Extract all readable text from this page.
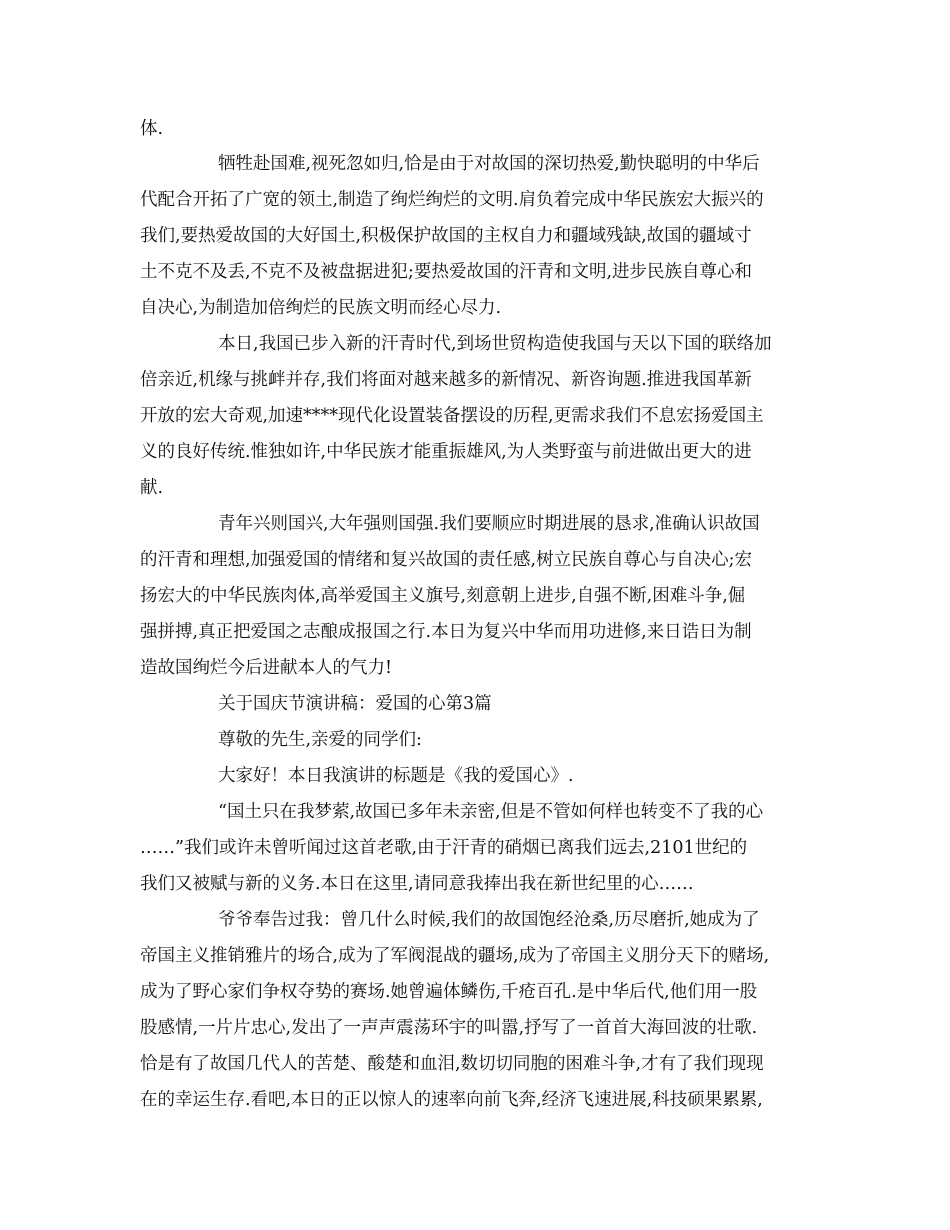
体.
牺牲赴国难,视死忽如归,恰是由于对故国的深切热爱,勤快聪明的中华后
代配合开拓了广宽的领土,制造了绚烂绚烂的文明.肩负着完成中华民族宏大振兴的
我们,要热爱故国的大好国土,积极保护故国的主权自力和疆域残缺,故国的疆域寸
土不克不及丢,不克不及被盘据进犯;要热爱故国的汗青和文明,进步民族自尊心和
自决心,为制造加倍绚烂的民族文明而经心尽力.
本日,我国已步入新的汗青时代,到场世贸构造使我国与天以下国的联络加
倍亲近,机缘与挑衅并存,我们将面对越来越多的新情况、新咨询题.推进我国革新
开放的宏大奇观,加速****现代化设置装备摆设的历程,更需求我们不息宏扬爱国主
义的良好传统.惟独如许,中华民族才能重振雄风,为人类野蛮与前进做出更大的进
献.
青年兴则国兴,大年强则国强.我们要顺应时期进展的恳求,准确认识故国
的汗青和理想,加强爱国的情绪和复兴故国的责任感,树立民族自尊心与自决心;宏
扬宏大的中华民族肉体,高举爱国主义旗号,刻意朝上进步,自强不断,困难斗争,倔
强拼搏,真正把爱国之志酿成报国之行.本日为复兴中华而用功进修,来日诰日为制
造故国绚烂今后进献本人的气力!
关于国庆节演讲稿：爱国的心第3篇
尊敬的先生,亲爱的同学们:
大家好！本日我演讲的标题是《我的爱国心》.
“国土只在我梦萦,故国已多年未亲密,但是不管如何样也转变不了我的心
……”我们或许未曾听闻过这首老歌,由于汗青的硝烟已离我们远去,2101世纪的
我们又被赋与新的义务.本日在这里,请同意我捧出我在新世纪里的心……
爷爷奉告过我：曾几什么时候,我们的故国饱经沧桑,历尽磨折,她成为了
帝国主义推销雅片的场合,成为了军阀混战的疆场,成为了帝国主义朋分天下的赌场,
成为了野心家们争权夺势的赛场.她曾遍体鳞伤,千疮百孔.是中华后代,他们用一股
股感情,一片片忠心,发出了一声声震荡环宇的叫嚣,抒写了一首首大海回波的壮歌.
恰是有了故国几代人的苦楚、酸楚和血泪,数切切同胞的困难斗争,才有了我们现现
在的幸运生存.看吧,本日的正以惊人的速率向前飞奔,经济飞速进展,科技硕果累累,
